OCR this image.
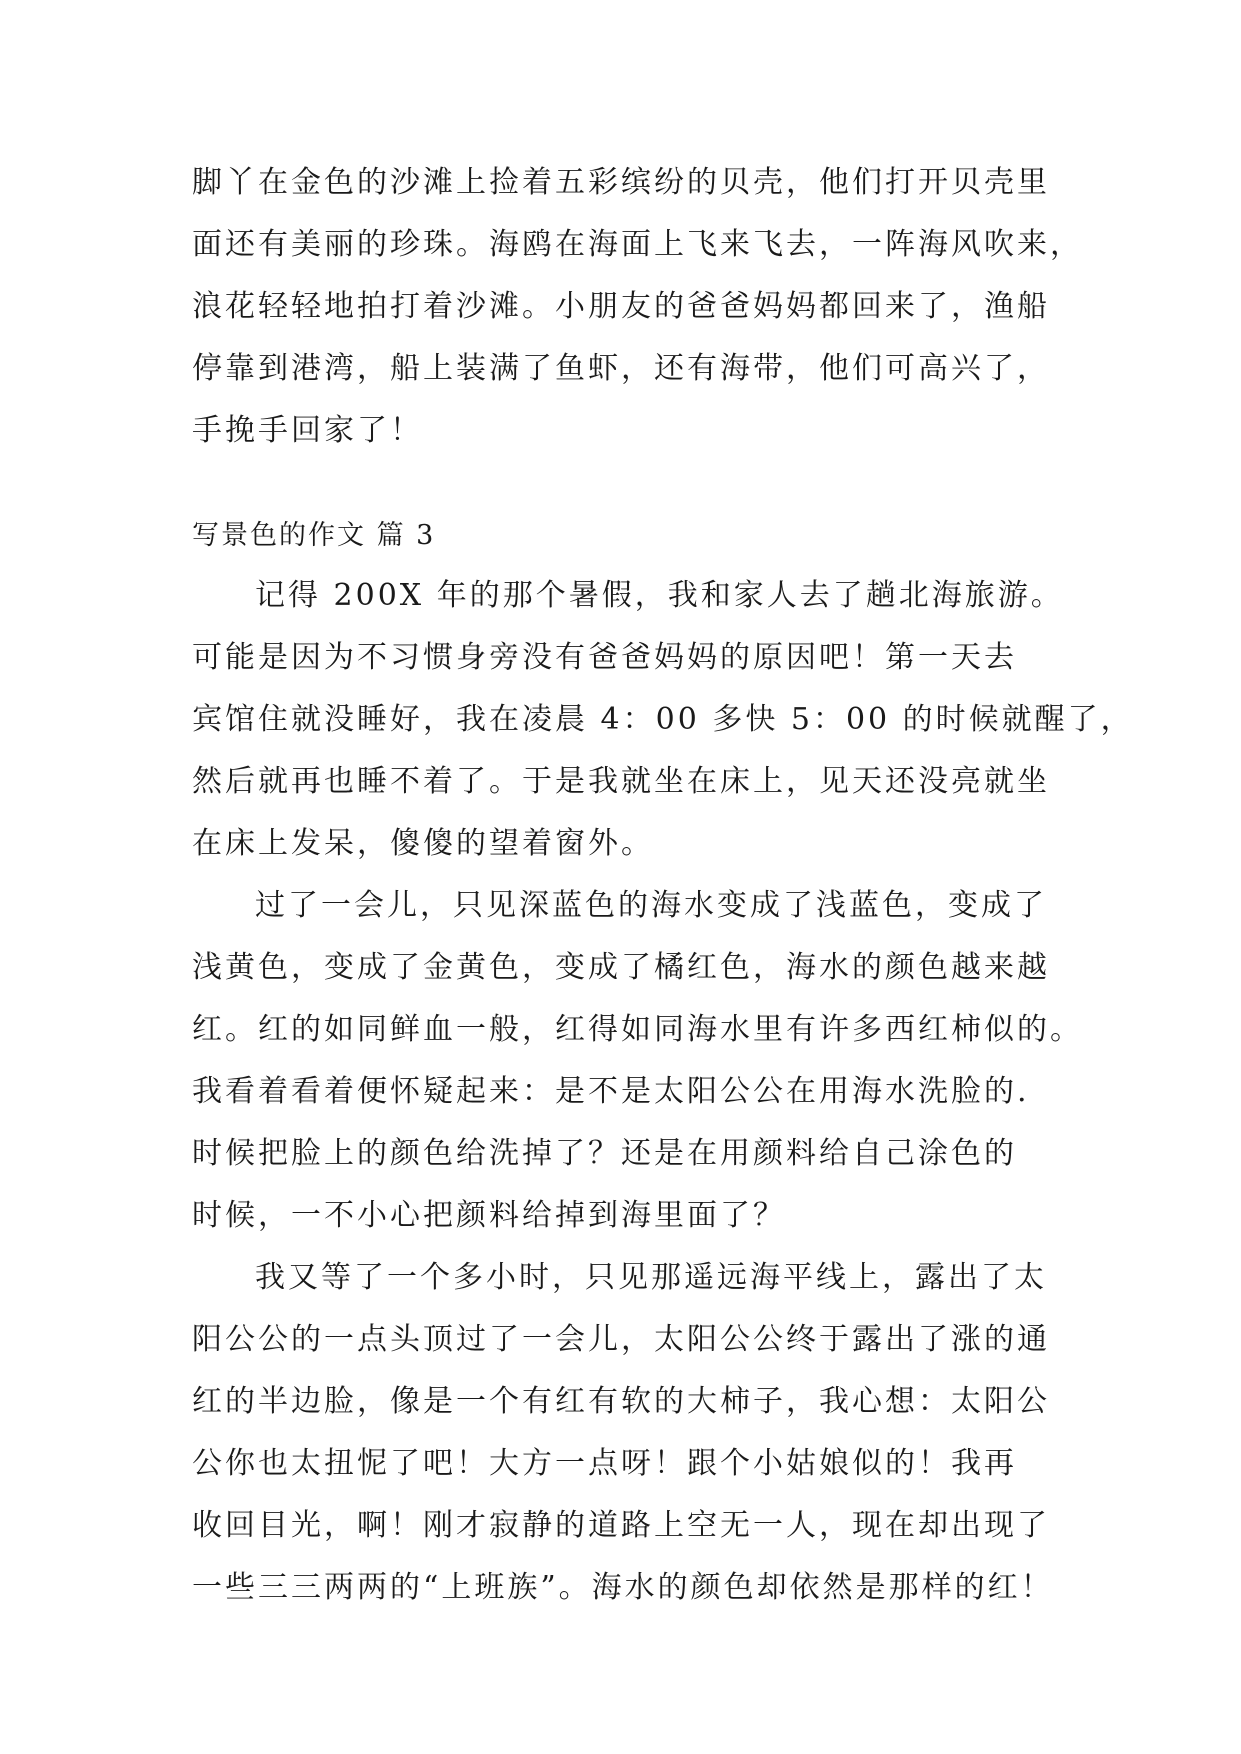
脚丫在金色的沙滩上捡着五彩缤纷的贝壳，他们打开贝壳里
面还有美丽的珍珠。海鸥在海面上飞来飞去，一阵海风吹来，
浪花轻轻地拍打着沙滩。小朋友的爸爸妈妈都回来了，渔船
停靠到港湾，船上装满了鱼虾，还有海带，他们可高兴了，
手挽手回家了！
写景色的作文 篇 3
记得 200X 年的那个暑假，我和家人去了趟北海旅游。
可能是因为不习惯身旁没有爸爸妈妈的原因吧！第一天去
宾馆住就没睡好，我在凌晨 4：00 多快 5：00 的时候就醒了，
然后就再也睡不着了。于是我就坐在床上，见天还没亮就坐
在床上发呆，傻傻的望着窗外。
过了一会儿，只见深蓝色的海水变成了浅蓝色，变成了
浅黄色，变成了金黄色，变成了橘红色，海水的颜色越来越
红。红的如同鲜血一般，红得如同海水里有许多西红柿似的。
我看着看着便怀疑起来：是不是太阳公公在用海水洗脸的.
时候把脸上的颜色给洗掉了？还是在用颜料给自己涂色的
时候，一不小心把颜料给掉到海里面了？
我又等了一个多小时，只见那遥远海平线上，露出了太
阳公公的一点头顶过了一会儿，太阳公公终于露出了涨的通
红的半边脸，像是一个有红有软的大柿子，我心想：太阳公
公你也太扭怩了吧！大方一点呀！跟个小姑娘似的！我再
收回目光，啊！刚才寂静的道路上空无一人，现在却出现了
一些三三两两的“上班族”。海水的颜色却依然是那样的红！
